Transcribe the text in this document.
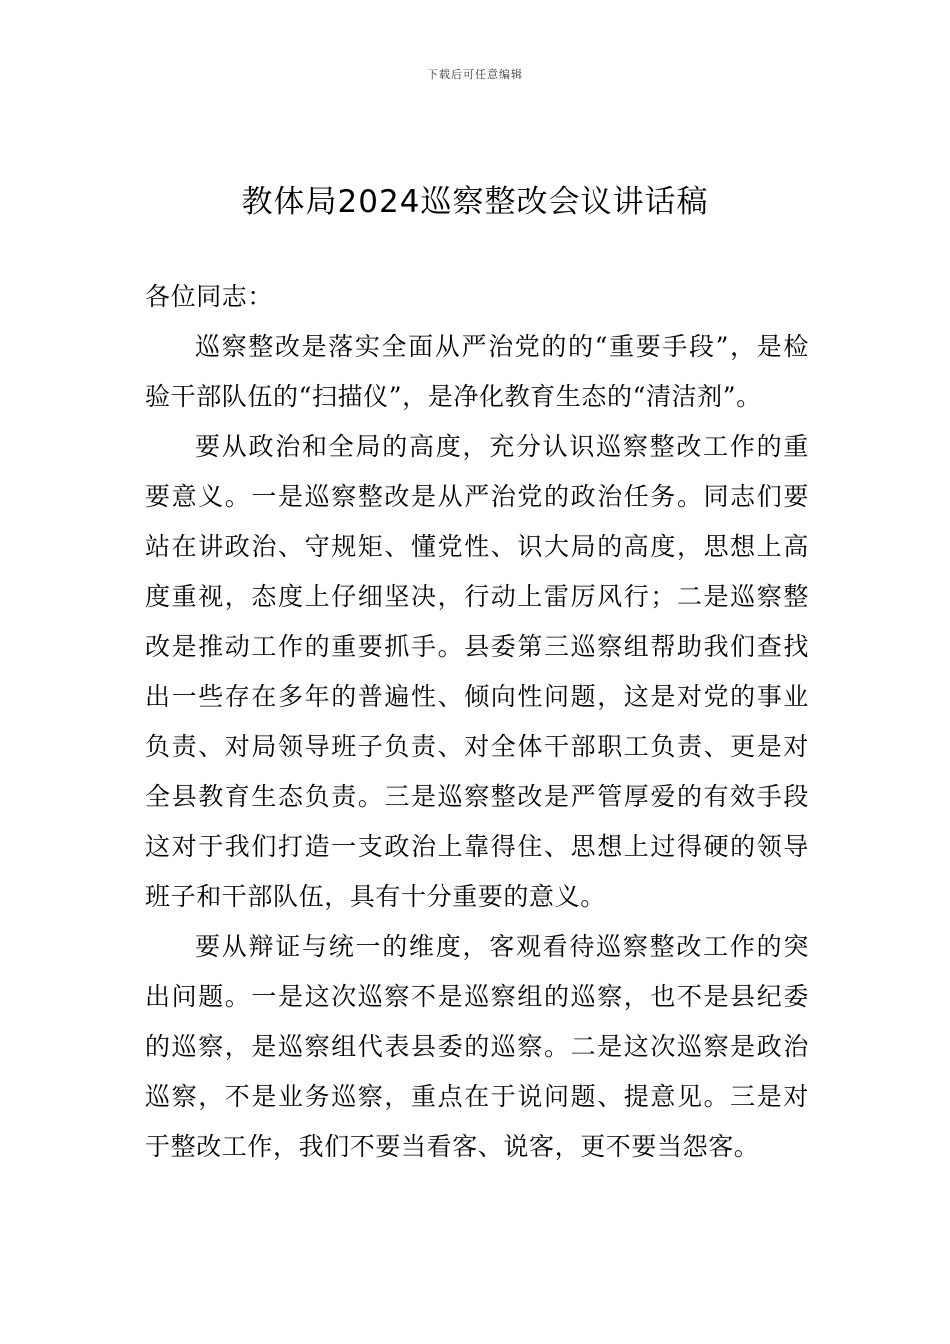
下载后可任意编辑
教体局2024巡察整改会议讲话稿

各位同志：

巡察整改是落实全面从严治党的的“重要手段”，是检验干部队伍的“扫描仪”，是净化教育生态的“清洁剂”。

要从政治和全局的高度，充分认识巡察整改工作的重要意义。一是巡察整改是从严治党的政治任务。同志们要站在讲政治、守规矩、懂党性、识大局的高度，思想上高度重视，态度上仔细坚决，行动上雷厉风行；二是巡察整改是推动工作的重要抓手。县委第三巡察组帮助我们查找出一些存在多年的普遍性、倾向性问题，这是对党的事业负责、对局领导班子负责、对全体干部职工负责、更是对全县教育生态负责。三是巡察整改是严管厚爱的有效手段这对于我们打造一支政治上靠得住、思想上过得硬的领导班子和干部队伍，具有十分重要的意义。

要从辩证与统一的维度，客观看待巡察整改工作的突出问题。一是这次巡察不是巡察组的巡察，也不是县纪委的巡察，是巡察组代表县委的巡察。二是这次巡察是政治巡察，不是业务巡察，重点在于说问题、提意见。三是对于整改工作，我们不要当看客、说客，更不要当怨客。
